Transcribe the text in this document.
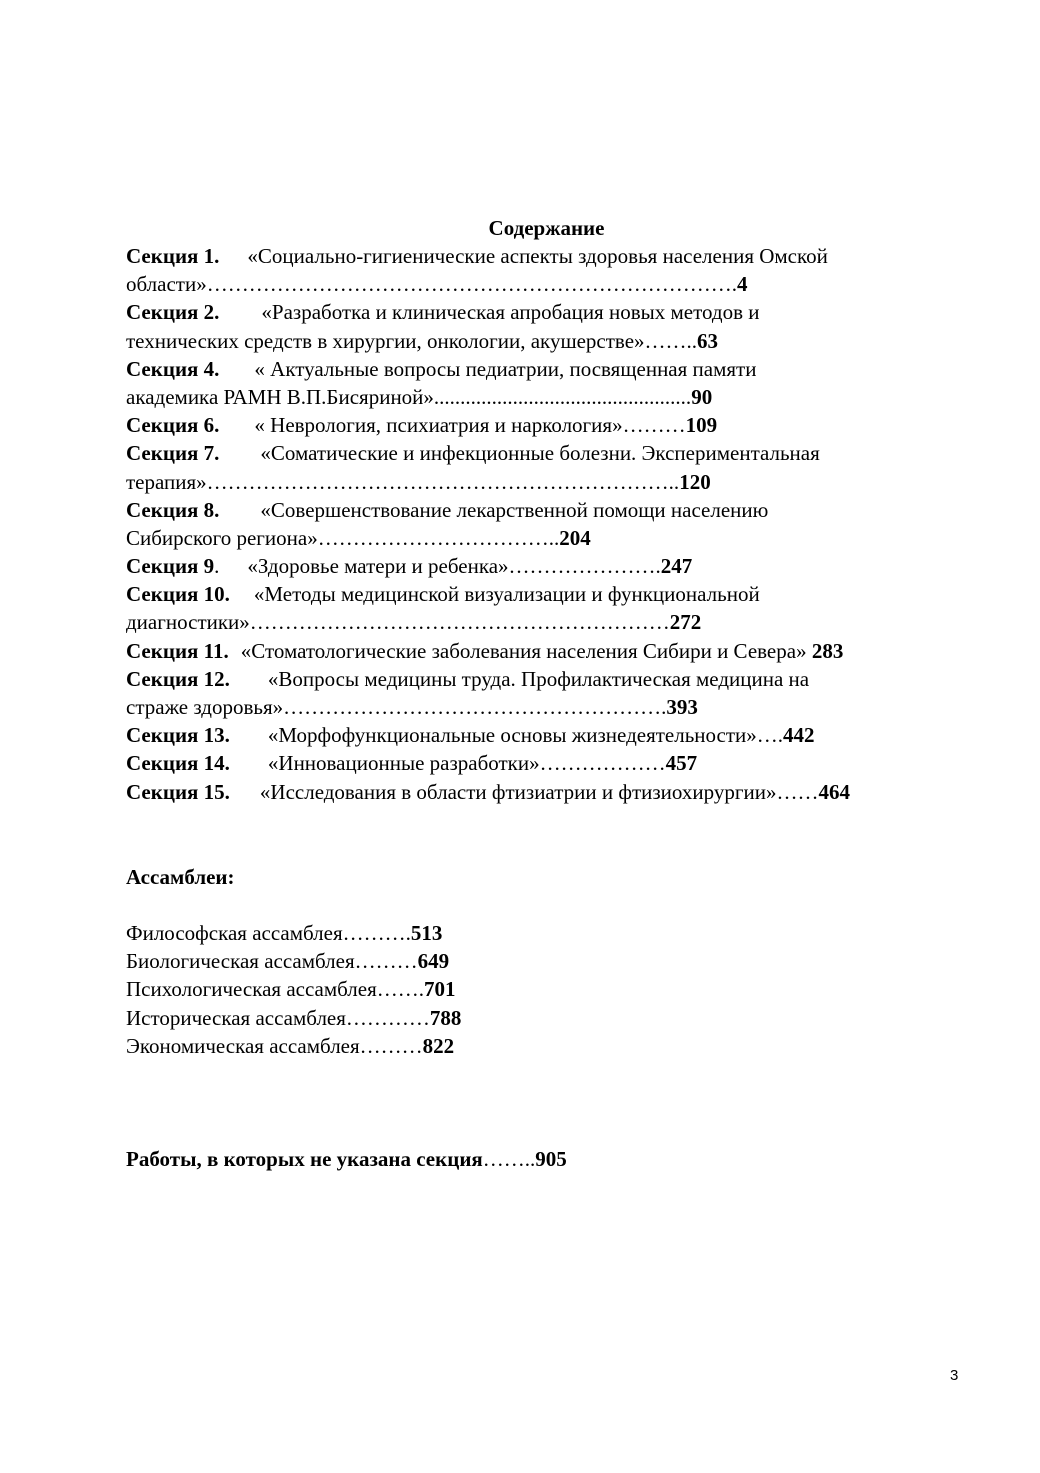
Содержание
Секция 1. «Социально-гигиенические аспекты здоровья населения Омской
области»………………………………………………………………….4
Секция 2. «Разработка и клиническая апробация новых методов и
технических средств в хирургии, онкологии, акушерстве»……..63
Секция 4. « Актуальные вопросы педиатрии, посвященная памяти
академика РАМН В.П.Бисяриной».................................................90
Секция 6. « Неврология, психиатрия и наркология»………109
Секция 7. «Соматические и инфекционные болезни. Экспериментальная
терапия»…………………………………………………………..120
Секция 8. «Совершенствование лекарственной помощи населению
Сибирского региона»……………………………..204
Секция 9. «Здоровье матери и ребенка»………………….247
Секция 10. «Методы медицинской визуализации и функциональной
диагностики»……………………………………………………272
Секция 11. «Стоматологические заболевания населения Сибири и Севера» 283
Секция 12. «Вопросы медицины труда. Профилактическая медицина на
страже здоровья»……………………………………………….393
Секция 13. «Морфофункциональные основы жизнедеятельности»….442
Секция 14. «Инновационные разработки»………………457
Секция 15. «Исследования в области фтизиатрии и фтизиохирургии»……464
Ассамблеи:
Философская ассамблея……….513
Биологическая ассамблея………649
Психологическая ассамблея…….701
Историческая ассамблея…………788
Экономическая ассамблея………822
Работы, в которых не указана секция……..905
3
